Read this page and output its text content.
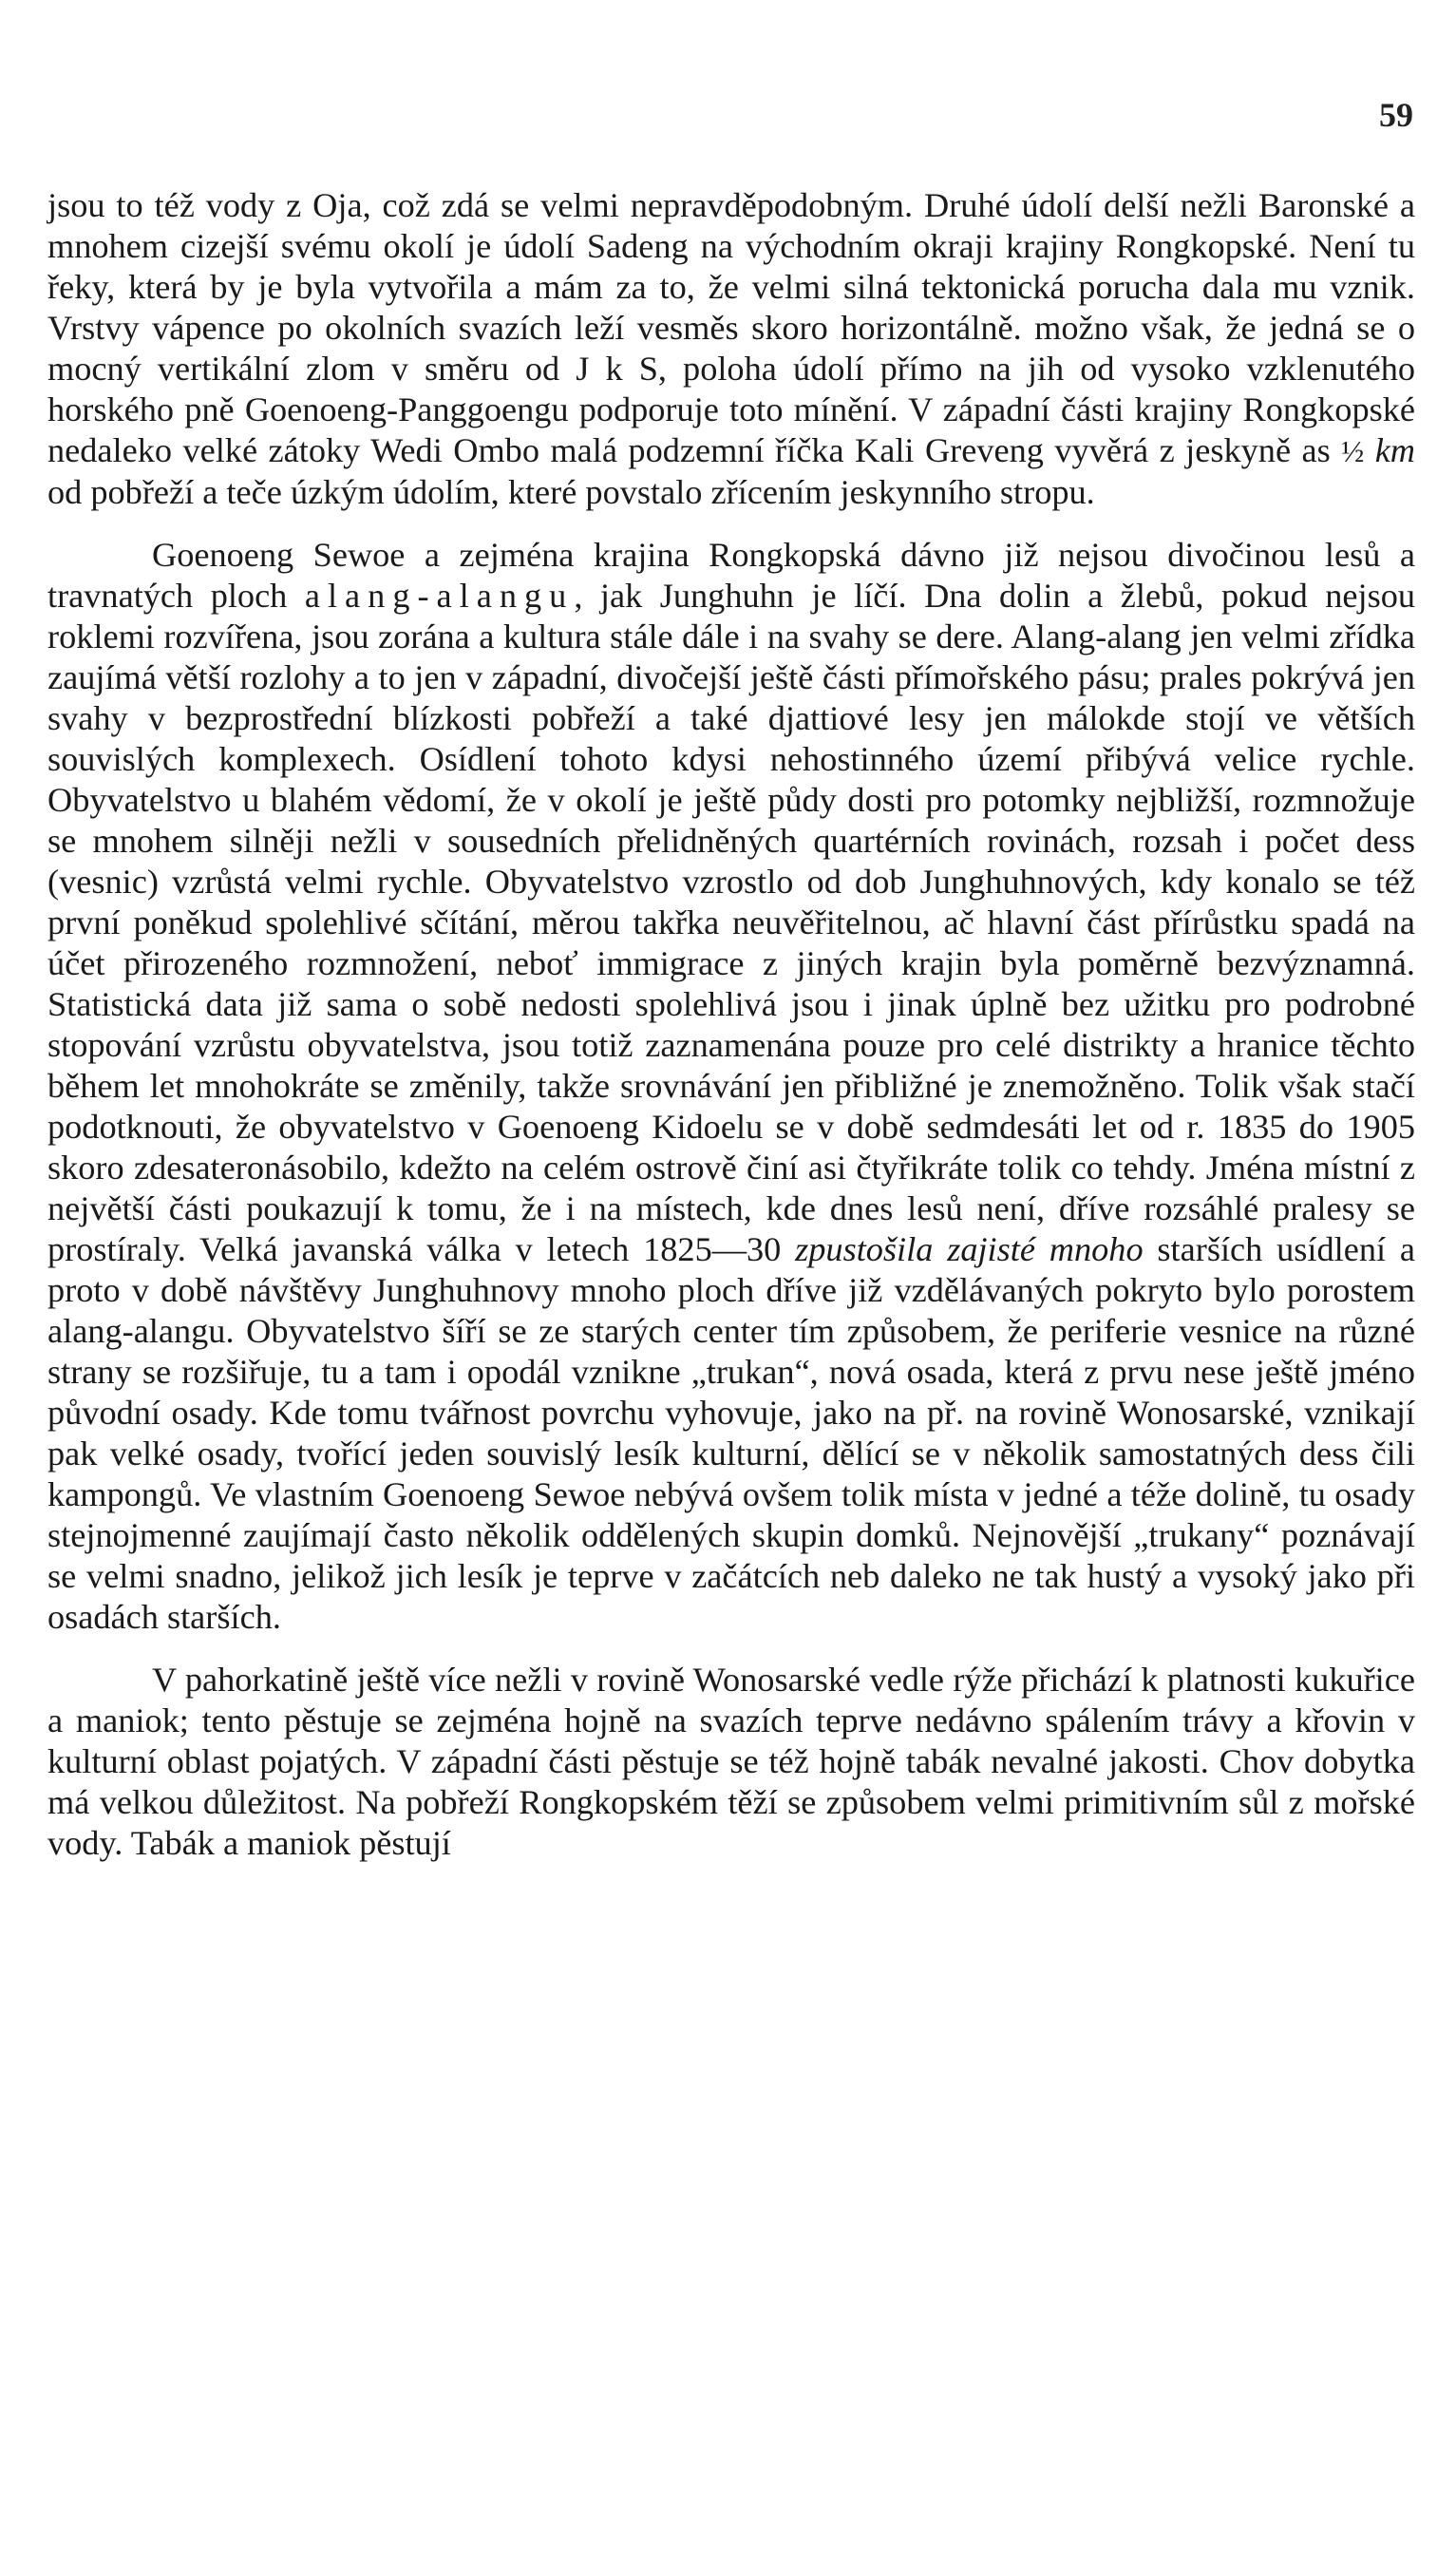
59

jsou to též vody z Oja, což zdá se velmi nepravděpodobným. Druhé údolí delší nežli Baronské a mnohem cizejší svému okolí je údolí Sadeng na východním okraji krajiny Rongkopské. Není tu řeky, která by je byla vytvořila a mám za to, že velmi silná tektonická porucha dala mu vznik. Vrstvy vápence po okolních svazích leží vesměs skoro horizontálně. možno však, že jedná se o mocný vertikální zlom v směru od J k S, poloha údolí přímo na jih od vysoko vzklenutého horského pně Goenoeng-Panggoengu podporuje toto mínění. V západní části krajiny Rongkopské nedaleko velké zátoky Wedi Ombo malá podzemní říčka Kali Greveng vyvěrá z jeskyně as ½ km od pobřeží a teče úzkým údolím, které povstalo zřícením jeskynního stropu.

Goenoeng Sewoe a zejména krajina Rongkopská dávno již nejsou divočinou lesů a travnatých ploch alang-alangu, jak Junghuhn je líčí. Dna dolin a žlebů, pokud nejsou roklemi rozvířena, jsou zorána a kultura stále dále i na svahy se dere. Alang-alang jen velmi zřídka zaujímá větší rozlohy a to jen v západní, divočejší ještě části přímořského pásu; prales pokrývá jen svahy v bezprostřední blízkosti pobřeží a také djattiové lesy jen málokde stojí ve větších souvislých komplexech. Osídlení tohoto kdysi nehostinného území přibývá velice rychle. Obyvatelstvo u blahém vědomí, že v okolí je ještě půdy dosti pro potomky nejbližší, rozmnožuje se mnohem silněji nežli v sousedních přelidněných quartérních rovinách, rozsah i počet dess (vesnic) vzrůstá velmi rychle. Obyvatelstvo vzrostlo od dob Junghuhnových, kdy konalo se též první poněkud spolehlivé sčítání, měrou takřka neuvěřitelnou, ač hlavní část přírůstku spadá na účet přirozeného rozmnožení, neboť immigrace z jiných krajin byla poměrně bezvýznamná. Statistická data již sama o sobě nedosti spolehlivá jsou i jinak úplně bez užitku pro podrobné stopování vzrůstu obyvatelstva, jsou totiž zaznamenána pouze pro celé distrikty a hranice těchto během let mnohokráte se změnily, takže srovnávání jen přibližné je znemožněno. Tolik však stačí podotknouti, že obyvatelstvo v Goenoeng Kidoelu se v době sedmdesáti let od r. 1835 do 1905 skoro zdesateronásobilo, kdežto na celém ostrově činí asi čtyřikráte tolik co tehdy. Jména místní z největší části poukazují k tomu, že i na místech, kde dnes lesů není, dříve rozsáhlé pralesy se prostíraly. Velká javanská válka v letech 1825—30 zpustošila zajisté mnoho starších usídlení a proto v době návštěvy Junghuhnovy mnoho ploch dříve již vzdělávaných pokryto bylo porostem alang-alangu. Obyvatelstvo šíří se ze starých center tím způsobem, že periferie vesnice na různé strany se rozšiřuje, tu a tam i opodál vznikne „trukan“, nová osada, která z prvu nese ještě jméno původní osady. Kde tomu tvářnost povrchu vyhovuje, jako na př. na rovině Wonosarské, vznikají pak velké osady, tvořící jeden souvislý lesík kulturní, dělící se v několik samostatných dess čili kampongů. Ve vlastním Goenoeng Sewoe nebývá ovšem tolik místa v jedné a téže dolině, tu osady stejnojmenné zaujímají často několik oddělených skupin domků. Nejnovější „trukany“ poznávají se velmi snadno, jelikož jich lesík je teprve v začátcích neb daleko ne tak hustý a vysoký jako při osadách starších.

V pahorkatině ještě více nežli v rovině Wonosarské vedle rýže přichází k platnosti kukuřice a maniok; tento pěstuje se zejména hojně na svazích teprve nedávno spálením trávy a křovin v kulturní oblast pojatých. V západní části pěstuje se též hojně tabák nevalné jakosti. Chov dobytka má velkou důležitost. Na pobřeží Rongkopském těží se způsobem velmi primitivním sůl z mořské vody. Tabák a maniok pěstují
